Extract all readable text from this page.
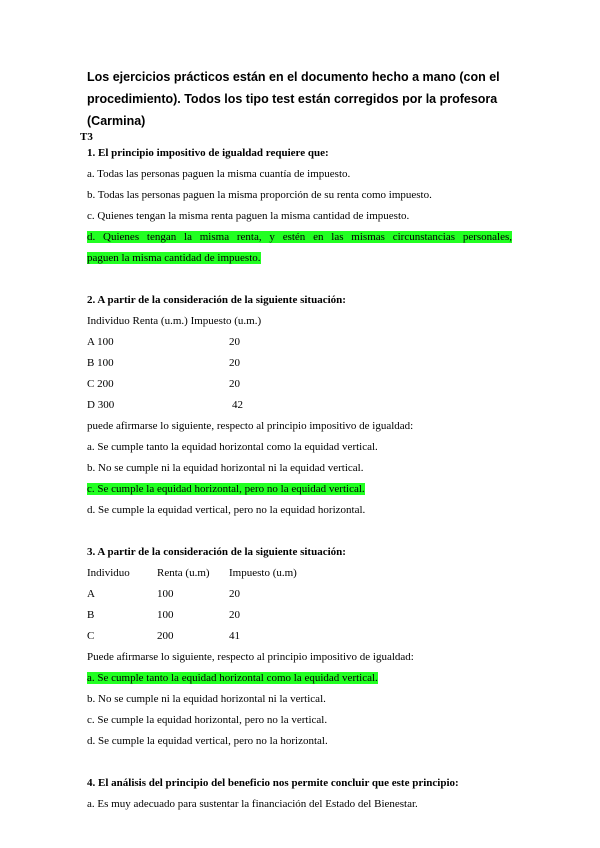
Los ejercicios prácticos están en el documento hecho a mano (con el procedimiento). Todos los tipo test están corregidos por la profesora (Carmina)
T3
1. El principio impositivo de igualdad requiere que:
a. Todas las personas paguen la misma cuantía de impuesto.
b. Todas las personas paguen la misma proporción de su renta como impuesto.
c. Quienes tengan la misma renta paguen la misma cantidad de impuesto.
d. Quienes tengan la misma renta, y estén en las mismas circunstancias personales,
paguen la misma cantidad de impuesto.
2. A partir de la consideración de la siguiente situación:
Individuo Renta (u.m.) Impuesto (u.m.)
A 100	20
B 100	20
C 200	20
D 300	42
puede afirmarse lo siguiente, respecto al principio impositivo de igualdad:
a. Se cumple tanto la equidad horizontal como la equidad vertical.
b. No se cumple ni la equidad horizontal ni la equidad vertical.
c. Se cumple la equidad horizontal, pero no la equidad vertical.
d. Se cumple la equidad vertical, pero no la equidad horizontal.
3. A partir de la consideración de la siguiente situación:
Individuo Renta (u.m) Impuesto (u.m)
A	100	20
B	100	20
C	200	41
Puede afirmarse lo siguiente, respecto al principio impositivo de igualdad:
a. Se cumple tanto la equidad horizontal como la equidad vertical.
b. No se cumple ni la equidad horizontal ni la vertical.
c. Se cumple la equidad horizontal, pero no la vertical.
d. Se cumple la equidad vertical, pero no la horizontal.
4. El análisis del principio del beneficio nos permite concluir que este principio:
a. Es muy adecuado para sustentar la financiación del Estado del Bienestar.
